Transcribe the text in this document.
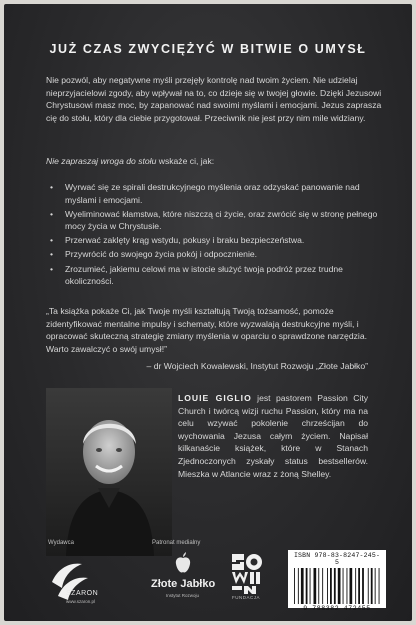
JUŻ CZAS ZWYCIĘŻYĆ W BITWIE O UMYSŁ

Nie pozwól, aby negatywne myśli przejęły kontrolę nad twoim życiem. Nie udzielaj nieprzyjacielowi zgody, aby wpływał na to, co dzieje się w twojej głowie. Dzięki Jezusowi Chrystusowi masz moc, by zapanować nad swoimi myślami i emocjami. Jezus zaprasza cię do stołu, który dla ciebie przygotował. Przeciwnik nie jest przy nim mile widziany.

Nie zapraszaj wroga do stołu wskaże ci, jak:

• Wyrwać się ze spirali destrukcyjnego myślenia oraz odzyskać panowanie nad myślami i emocjami.
• Wyeliminować kłamstwa, które niszczą ci życie, oraz zwrócić się w stronę pełnego mocy życia w Chrystusie.
• Przerwać zaklęty krąg wstydu, pokusy i braku bezpieczeństwa.
• Przywrócić do swojego życia pokój i odpocznienie.
• Zrozumieć, jakiemu celowi ma w istocie służyć twoja podróż przez trudne okoliczności.

„Ta książka pokaże Ci, jak Twoje myśli kształtują Twoją tożsamość, pomoże zidentyfikować mentalne impulsy i schematy, które wyzwalają destrukcyjne myśli, i opracować skuteczną strategię zmiany myślenia w oparciu o sprawdzone narzędzia. Warto zawalczyć o swój umysł!”

– dr Wojciech Kowalewski, Instytut Rozwoju „Złote Jabłko”

LOUIE GIGLIO jest pastorem Passion City Church i twórcą wizji ruchu Passion, który ma na celu wzywać pokolenie chrześcijan do wychowania Jezusa całym życiem. Napisał kilkanaście książek, które w Stanach Zjednoczonych zyskały status bestsellerów. Mieszka w Atlancie wraz z żoną Shelley.

Wydawca
SZARON
www.szaron.pl
Patronat medialny
Złote Jabłko
Instytut Rozwoju	FUNDACJA
ISBN 978-83-8247-245-5
9 788382 472455
